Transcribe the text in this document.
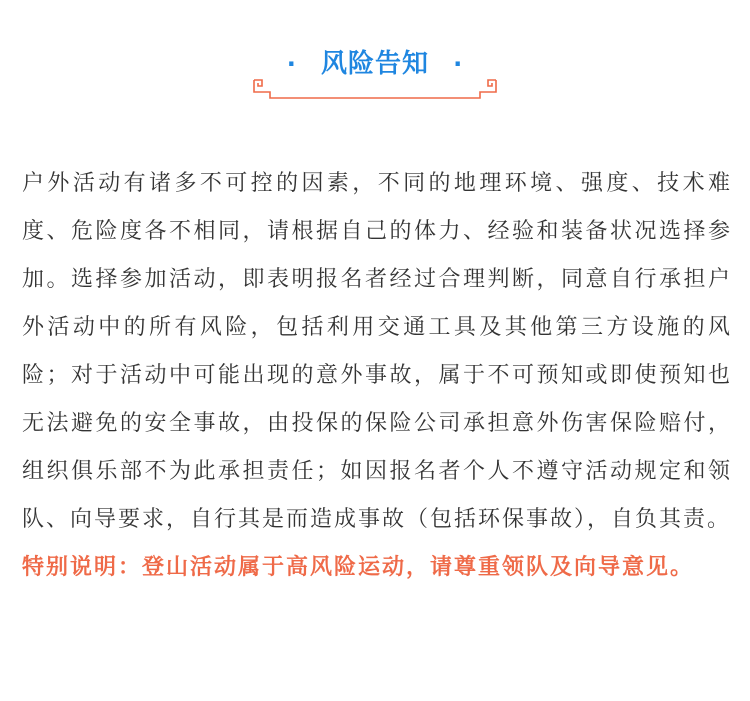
· 风险告知 ·

户外活动有诸多不可控的因素，不同的地理环境、强度、技术难度、危险度各不相同，请根据自己的体力、经验和装备状况选择参加。选择参加活动，即表明报名者经过合理判断，同意自行承担户外活动中的所有风险，包括利用交通工具及其他第三方设施的风险；对于活动中可能出现的意外事故，属于不可预知或即使预知也无法避免的安全事故，由投保的保险公司承担意外伤害保险赔付，组织俱乐部不为此承担责任；如因报名者个人不遵守活动规定和领队、向导要求，自行其是而造成事故（包括环保事故），自负其责。

特别说明：登山活动属于高风险运动，请尊重领队及向导意见。
